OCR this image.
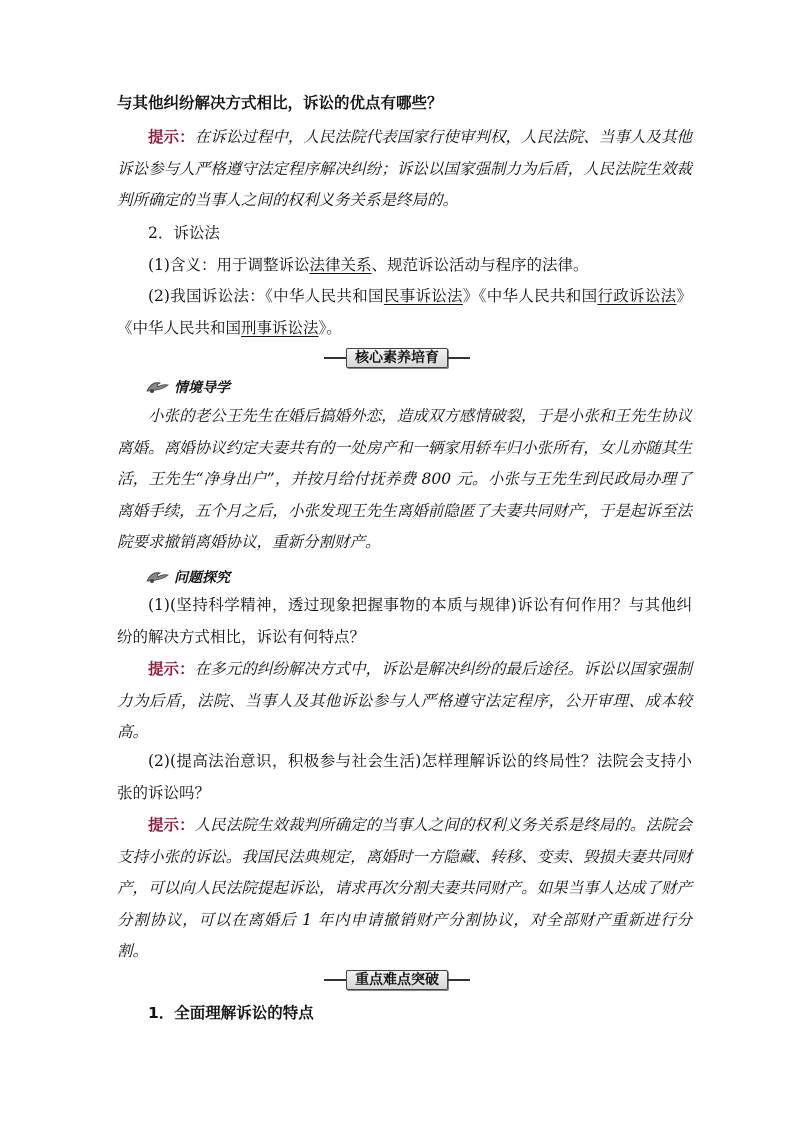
与其他纠纷解决方式相比，诉讼的优点有哪些？

提示：在诉讼过程中，人民法院代表国家行使审判权，人民法院、当事人及其他诉讼参与人严格遵守法定程序解决纠纷；诉讼以国家强制力为后盾，人民法院生效裁判所确定的当事人之间的权利义务关系是终局的。

2．诉讼法

(1)含义：用于调整诉讼法律关系、规范诉讼活动与程序的法律。

(2)我国诉讼法：《中华人民共和国民事诉讼法》《中华人民共和国行政诉讼法》《中华人民共和国刑事诉讼法》。

核心素养培育
情境导学

小张的老公王先生在婚后搞婚外恋，造成双方感情破裂，于是小张和王先生协议离婚。离婚协议约定夫妻共有的一处房产和一辆家用轿车归小张所有，女儿亦随其生活，王先生“净身出户”，并按月给付抚养费 800 元。小张与王先生到民政局办理了离婚手续，五个月之后，小张发现王先生离婚前隐匿了夫妻共同财产，于是起诉至法院要求撤销离婚协议，重新分割财产。

问题探究

(1)(坚持科学精神，透过现象把握事物的本质与规律)诉讼有何作用？与其他纠纷的解决方式相比，诉讼有何特点？

提示：在多元的纠纷解决方式中，诉讼是解决纠纷的最后途径。诉讼以国家强制力为后盾，法院、当事人及其他诉讼参与人严格遵守法定程序，公开审理、成本较高。

(2)(提高法治意识，积极参与社会生活)怎样理解诉讼的终局性？法院会支持小张的诉讼吗？

提示：人民法院生效裁判所确定的当事人之间的权利义务关系是终局的。法院会支持小张的诉讼。我国民法典规定，离婚时一方隐藏、转移、变卖、毁损夫妻共同财产，可以向人民法院提起诉讼，请求再次分割夫妻共同财产。如果当事人达成了财产分割协议，可以在离婚后 1 年内申请撤销财产分割协议，对全部财产重新进行分割。

重点难点突破

1．全面理解诉讼的特点
